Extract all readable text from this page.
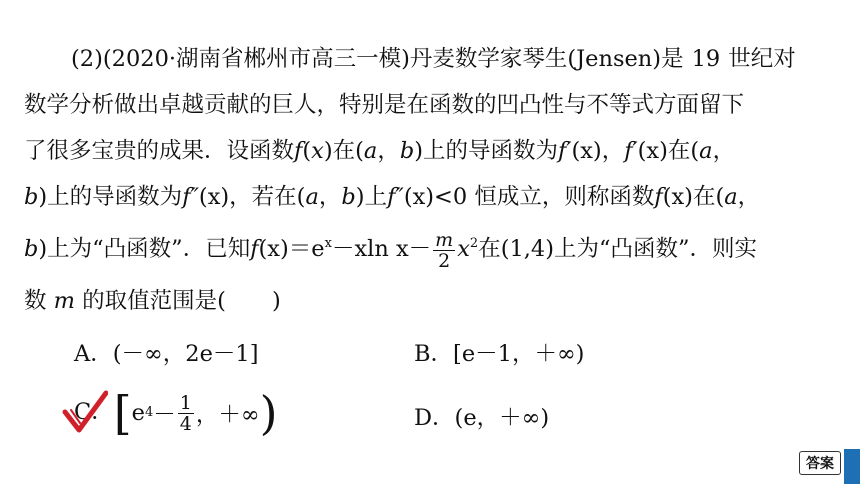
(2)(2020·湖南省郴州市高三一模)丹麦数学家琴生(Jensen)是 19 世纪对
数学分析做出卓越贡献的巨人，特别是在函数的凹凸性与不等式方面留下
了很多宝贵的成果．设函数f(x)在(a，b)上的导函数为f′(x)，f′(x)在(a，
b)上的导函数为f″(x)，若在(a，b)上f″(x)<0 恒成立，则称函数f(x)在(a，
b)上为“凸函数”．已知$f(x)=e^x-xln$ $x- \frac{m}{2} x^2$在(1,4)上为“凸函数”．则实
数 m 的取值范围是( )
A．(－∞，2e－1]	B．[e－1，＋∞)
C． [ e $4 - \frac{1}{4}$ ，＋∞ )	D．(e，＋∞)
答案
